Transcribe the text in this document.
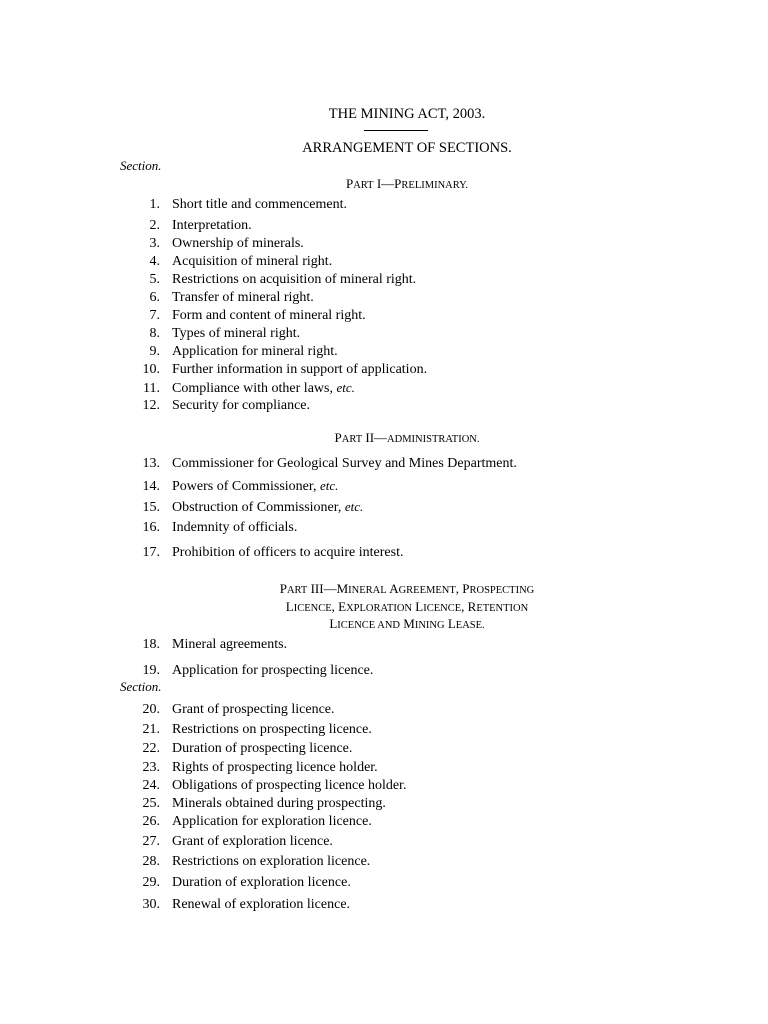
THE MINING ACT, 2003.
ARRANGEMENT OF SECTIONS.
Section.
PART I—PRELIMINARY.
PART II—ADMINISTRATION.
PART III—MINERAL AGREEMENT, PROSPECTING
LICENCE, EXPLORATION LICENCE, RETENTION
LICENCE AND MINING LEASE.
Section.
1. Short title and commencement.
2. Interpretation.
3. Ownership of minerals.
4. Acquisition of mineral right.
5. Restrictions on acquisition of mineral right.
6. Transfer of mineral right.
7. Form and content of mineral right.
8. Types of mineral right.
9. Application for mineral right.
10. Further information in support of application.
11. Compliance with other laws, etc.
12. Security for compliance.
13. Commissioner for Geological Survey and Mines Department.
14. Powers of Commissioner, etc.
15. Obstruction of Commissioner, etc.
16. Indemnity of officials.
17. Prohibition of officers to acquire interest.
18. Mineral agreements.
19. Application for prospecting licence.
20. Grant of prospecting licence.
21. Restrictions on prospecting licence.
22. Duration of prospecting licence.
23. Rights of prospecting licence holder.
24. Obligations of prospecting licence holder.
25. Minerals obtained during prospecting.
26. Application for exploration licence.
27. Grant of exploration licence.
28. Restrictions on exploration licence.
29. Duration of exploration licence.
30. Renewal of exploration licence.
